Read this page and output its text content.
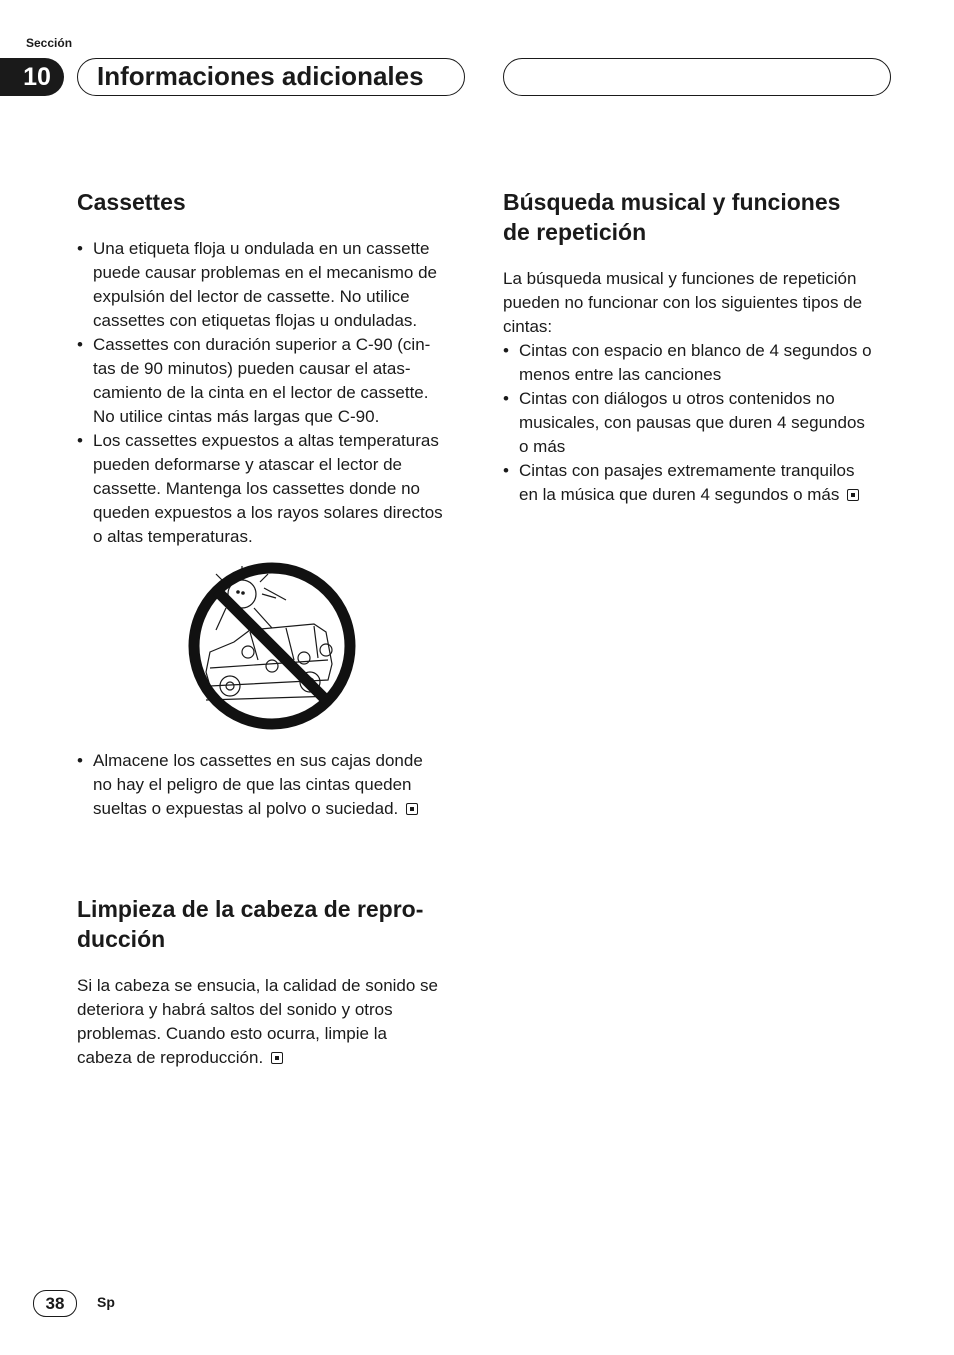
Sección
10	Informaciones adicionales
Cassettes
• Una etiqueta floja u ondulada en un cassette
puede causar problemas en el mecanismo de
expulsión del lector de cassette. No utilice
cassettes con etiquetas flojas u onduladas.
• Cassettes con duración superior a C-90 (cin-
tas de 90 minutos) pueden causar el atas-
camiento de la cinta en el lector de cassette.
No utilice cintas más largas que C-90.
• Los cassettes expuestos a altas temperaturas
pueden deformarse y atascar el lector de
cassette. Mantenga los cassettes donde no
queden expuestos a los rayos solares directos
o altas temperaturas.
• Almacene los cassettes en sus cajas donde
no hay el peligro de que las cintas queden
sueltas o expuestas al polvo o suciedad.
Limpieza de la cabeza de repro-
ducción
Si la cabeza se ensucia, la calidad de sonido se
deteriora y habrá saltos del sonido y otros
problemas. Cuando esto ocurra, limpie la
cabeza de reproducción.
Búsqueda musical y funciones
de repetición
La búsqueda musical y funciones de repetición
pueden no funcionar con los siguientes tipos de
cintas:
• Cintas con espacio en blanco de 4 segundos o
menos entre las canciones
• Cintas con diálogos u otros contenidos no
musicales, con pausas que duren 4 segundos
o más
• Cintas con pasajes extremamente tranquilos
en la música que duren 4 segundos o más
38	Sp
